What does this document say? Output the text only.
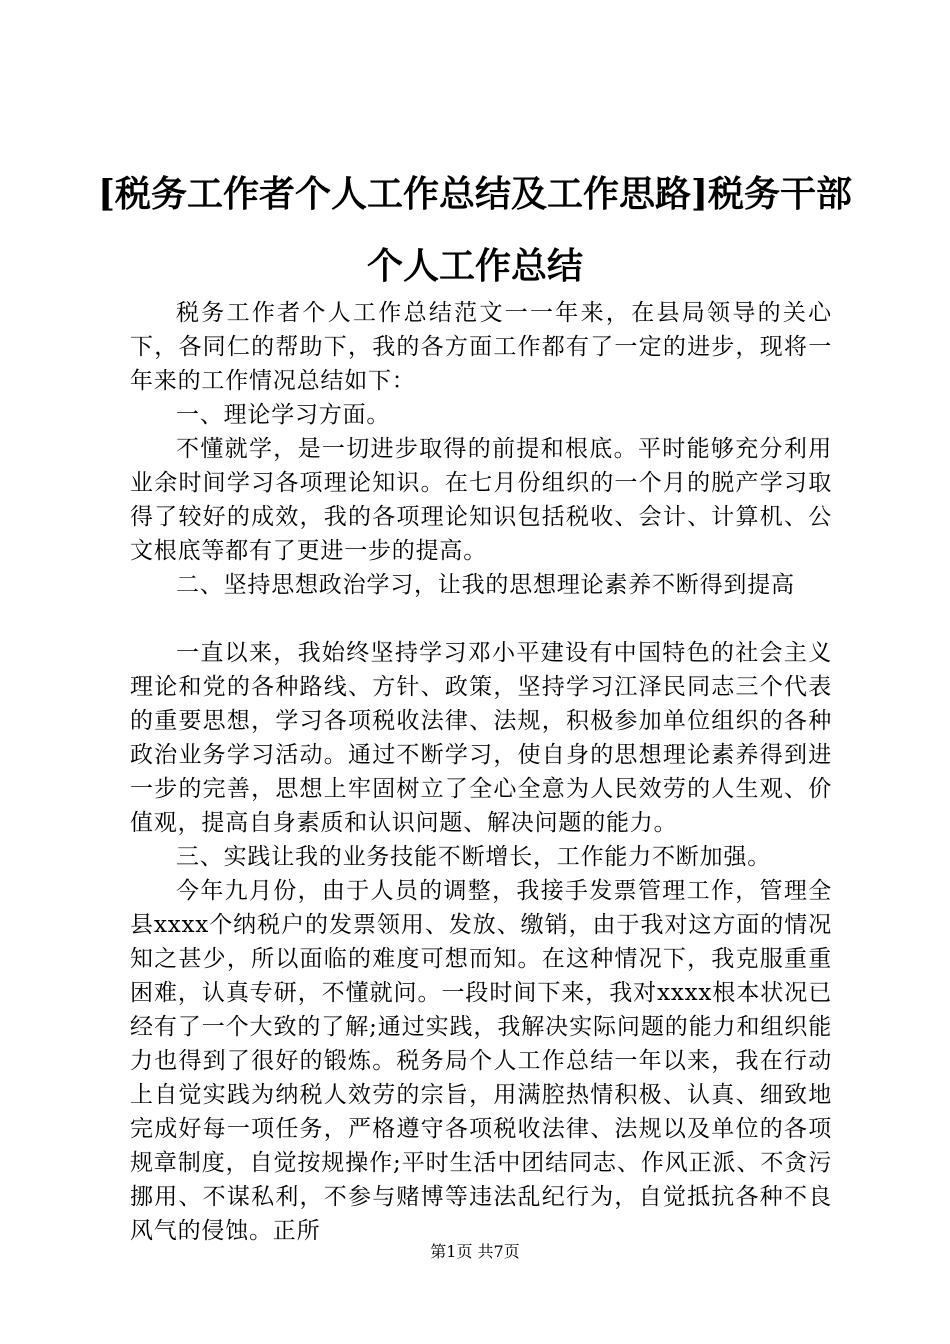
[税务工作者个人工作总结及工作思路]税务干部个人工作总结

税务工作者个人工作总结范文一一年来，在县局领导的关心下，各同仁的帮助下，我的各方面工作都有了一定的进步，现将一年来的工作情况总结如下：

一、理论学习方面。

不懂就学，是一切进步取得的前提和根底。平时能够充分利用业余时间学习各项理论知识。在七月份组织的一个月的脱产学习取得了较好的成效，我的各项理论知识包括税收、会计、计算机、公文根底等都有了更进一步的提高。

二、坚持思想政治学习，让我的思想理论素养不断得到提高

一直以来，我始终坚持学习邓小平建设有中国特色的社会主义理论和党的各种路线、方针、政策，坚持学习江泽民同志三个代表的重要思想，学习各项税收法律、法规，积极参加单位组织的各种政治业务学习活动。通过不断学习，使自身的思想理论素养得到进一步的完善，思想上牢固树立了全心全意为人民效劳的人生观、价值观，提高自身素质和认识问题、解决问题的能力。

三、实践让我的业务技能不断增长，工作能力不断加强。

今年九月份，由于人员的调整，我接手发票管理工作，管理全县xxxx个纳税户的发票领用、发放、缴销，由于我对这方面的情况知之甚少，所以面临的难度可想而知。在这种情况下，我克服重重困难，认真专研，不懂就问。一段时间下来，我对xxxx根本状况已经有了一个大致的了解;通过实践，我解决实际问题的能力和组织能力也得到了很好的锻炼。税务局个人工作总结一年以来，我在行动上自觉实践为纳税人效劳的宗旨，用满腔热情积极、认真、细致地完成好每一项任务，严格遵守各项税收法律、法规以及单位的各项规章制度，自觉按规操作;平时生活中团结同志、作风正派、不贪污挪用、不谋私利，不参与赌博等违法乱纪行为，自觉抵抗各种不良风气的侵蚀。正所

第1页 共7页
